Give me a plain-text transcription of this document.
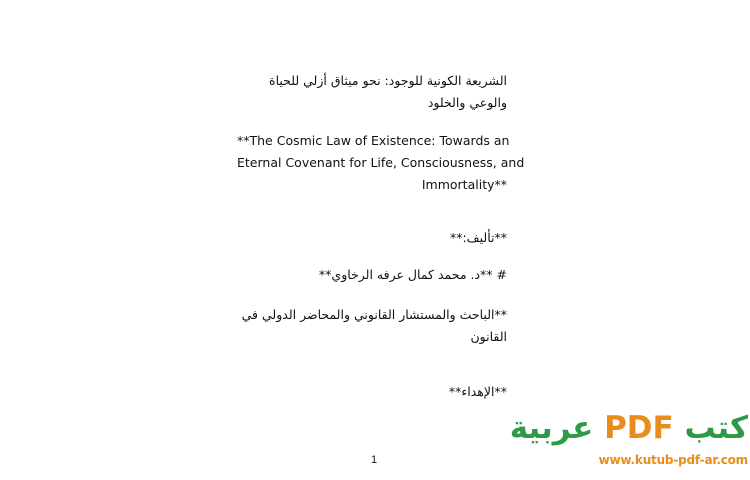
الشريعة الكونية للوجود: نحو ميثاق أزلي للحياة
والوعي والخلود
**The Cosmic Law of Existence: Towards an
Eternal Covenant for Life, Consciousness, and
Immortality**
**تأليف:**
# **د. محمد كمال عرفه الرخاوي**
**الباحث والمستشار القانوني والمحاضر الدولي في
القانون
**الإهداء**
1
كتب PDF عربية
www.kutub-pdf-ar.com
